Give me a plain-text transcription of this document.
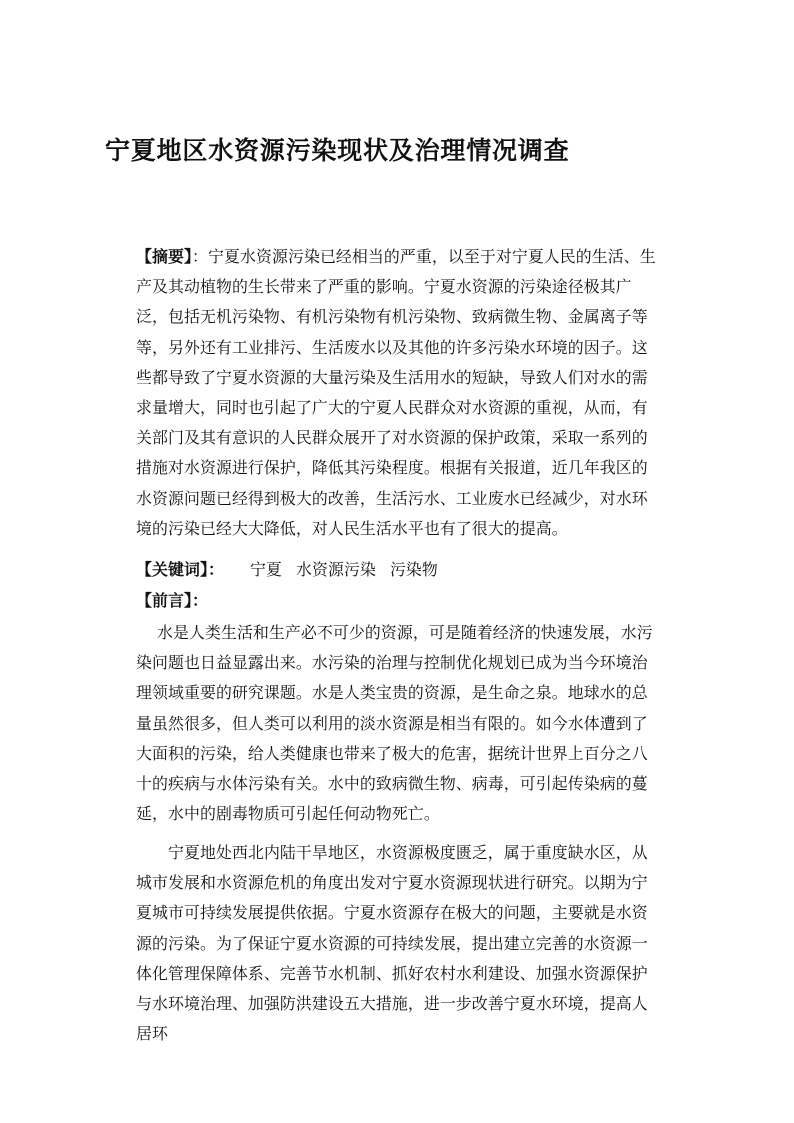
宁夏地区水资源污染现状及治理情况调查

【摘要】：宁夏水资源污染已经相当的严重，以至于对宁夏人民的生活、生产及其动植物的生长带来了严重的影响。宁夏水资源的污染途径极其广泛，包括无机污染物、有机污染物有机污染物、致病微生物、金属离子等等，另外还有工业排污、生活废水以及其他的许多污染水环境的因子。这些都导致了宁夏水资源的大量污染及生活用水的短缺，导致人们对水的需求量增大，同时也引起了广大的宁夏人民群众对水资源的重视，从而，有关部门及其有意识的人民群众展开了对水资源的保护政策，采取一系列的措施对水资源进行保护，降低其污染程度。根据有关报道，近几年我区的水资源问题已经得到极大的改善，生活污水、工业废水已经减少，对水环境的污染已经大大降低，对人民生活水平也有了很大的提高。

【关键词】： 宁夏 水资源污染 污染物

【前言】：

水是人类生活和生产必不可少的资源，可是随着经济的快速发展，水污染问题也日益显露出来。水污染的治理与控制优化规划已成为当今环境治理领域重要的研究课题。水是人类宝贵的资源，是生命之泉。地球水的总量虽然很多，但人类可以利用的淡水资源是相当有限的。如今水体遭到了大面积的污染，给人类健康也带来了极大的危害，据统计世界上百分之八十的疾病与水体污染有关。水中的致病微生物、病毒，可引起传染病的蔓延，水中的剧毒物质可引起任何动物死亡。

宁夏地处西北内陆干旱地区，水资源极度匮乏，属于重度缺水区，从城市发展和水资源危机的角度出发对宁夏水资源现状进行研究。以期为宁夏城市可持续发展提供依据。宁夏水资源存在极大的问题，主要就是水资源的污染。为了保证宁夏水资源的可持续发展，提出建立完善的水资源一体化管理保障体系、完善节水机制、抓好农村水利建设、加强水资源保护与水环境治理、加强防洪建设五大措施，进一步改善宁夏水环境，提高人居环
